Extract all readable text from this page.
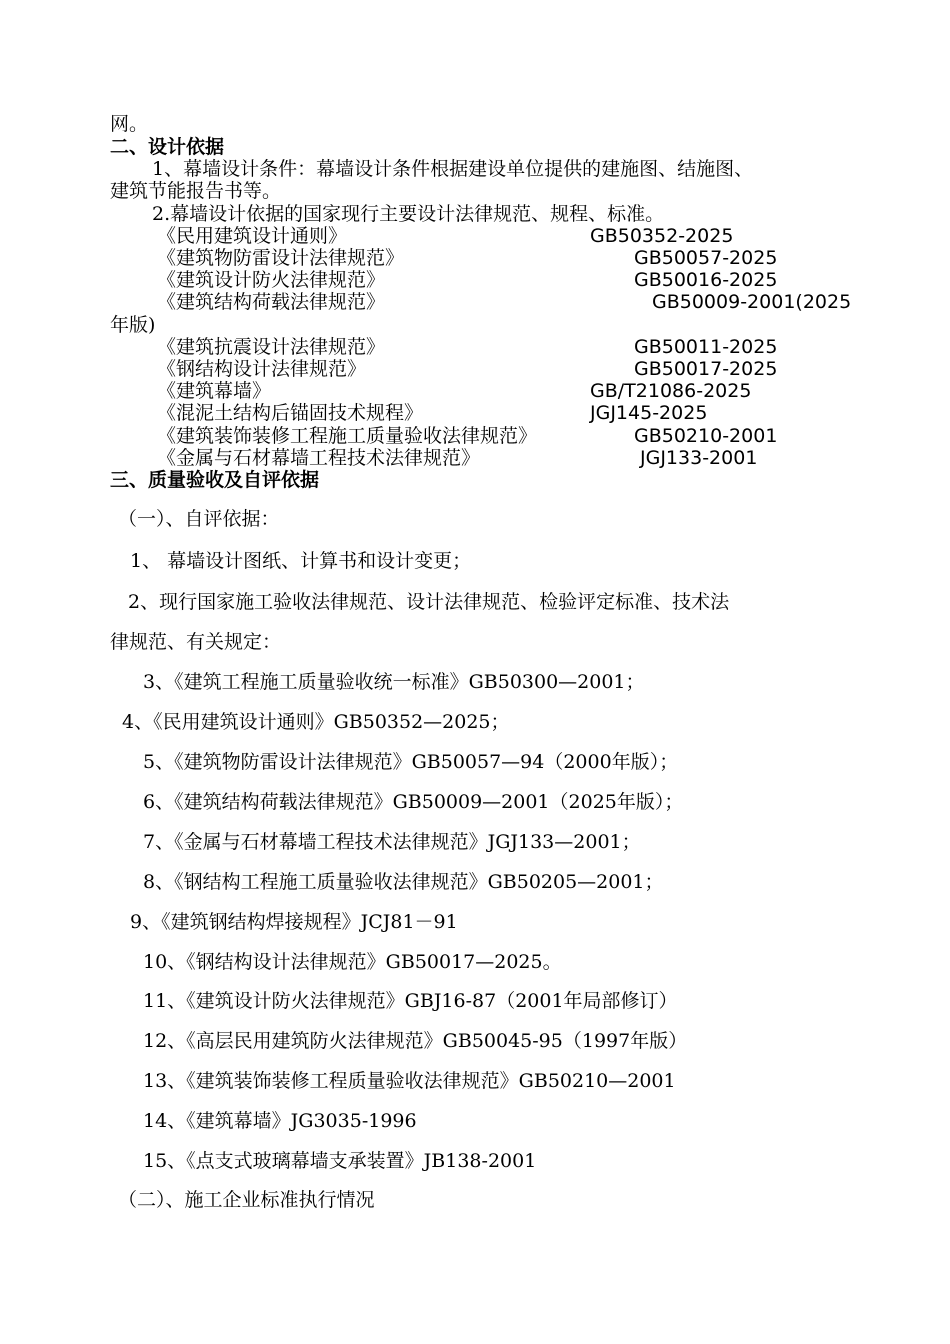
网。
二、设计依据
1、幕墙设计条件：幕墙设计条件根据建设单位提供的建施图、结施图、
建筑节能报告书等。
2.幕墙设计依据的国家现行主要设计法律规范、规程、标准。
《民用建筑设计通则》	GB50352-2025
《建筑物防雷设计法律规范》	GB50057-2025
《建筑设计防火法律规范》	GB50016-2025
《建筑结构荷载法律规范》	GB50009-2001(2025
年版)
《建筑抗震设计法律规范》	GB50011-2025
《钢结构设计法律规范》	GB50017-2025
《建筑幕墙》	GB/T21086-2025
《混泥土结构后锚固技术规程》	JGJ145-2025
《建筑装饰装修工程施工质量验收法律规范》	GB50210-2001
《金属与石材幕墙工程技术法律规范》	JGJ133-2001
三、质量验收及自评依据
（一）、自评依据：
1、 幕墙设计图纸、计算书和设计变更；
2、现行国家施工验收法律规范、设计法律规范、检验评定标准、技术法
律规范、有关规定：
3、《建筑工程施工质量验收统一标准》GB50300—2001；
4、《民用建筑设计通则》GB50352—2025；
5、《建筑物防雷设计法律规范》GB50057—94（2000年版）；
6、《建筑结构荷载法律规范》GB50009—2001（2025年版）；
7、《金属与石材幕墙工程技术法律规范》JGJ133—2001；
8、《钢结构工程施工质量验收法律规范》GB50205—2001；
9、《建筑钢结构焊接规程》JCJ81－91
10、《钢结构设计法律规范》GB50017—2025。
11、《建筑设计防火法律规范》GBJ16-87（2001年局部修订）
12、《高层民用建筑防火法律规范》GB50045-95（1997年版）
13、《建筑装饰装修工程质量验收法律规范》GB50210—2001
14、《建筑幕墙》JG3035-1996
15、《点支式玻璃幕墙支承装置》JB138-2001
（二）、施工企业标准执行情况
